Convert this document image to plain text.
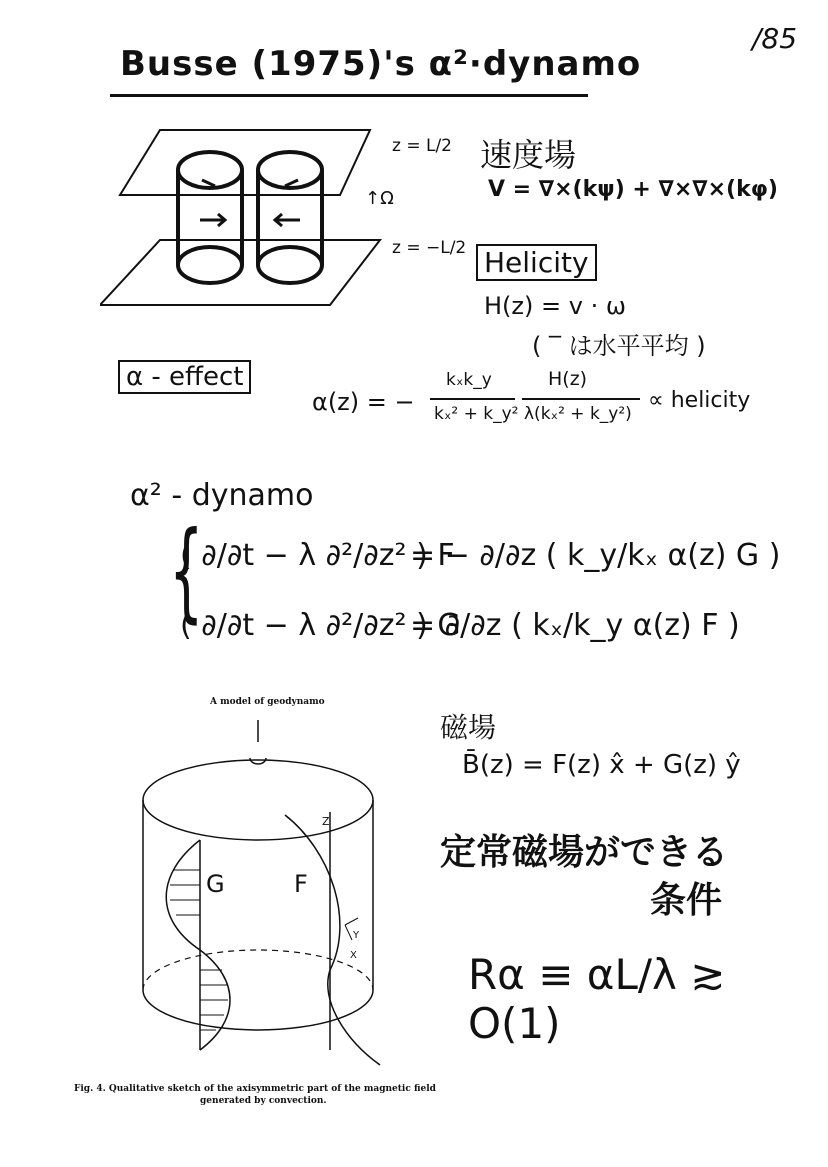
/85
Busse (1975)'s α²·dynamo
z = L/2
z = −L/2
↑Ω
速度場
V = ∇×(kψ) + ∇×∇×(kφ)
Helicity
H(z) = v · ω
( ‾ は水平平均 )
α - effect
α(z) = −
kₓk_y
kₓ² + k_y²
H(z)
λ(kₓ² + k_y²)
∝ helicity
α² - dynamo
{
( ∂/∂t − λ ∂²/∂z² ) F
= − ∂/∂z ( k_y/kₓ α(z) G )
( ∂/∂t − λ ∂²/∂z² ) G
= ∂/∂z ( kₓ/k_y α(z) F )
A model of geodynamo
G	F
Z
Y
X
Fig. 4. Qualitative sketch of the axisymmetric part of the magnetic field
generated by convection.
磁場
B̄(z) = F(z) x̂ + G(z) ŷ
定常磁場ができる
条件
Rα ≡ αL/λ ≳ O(1)
